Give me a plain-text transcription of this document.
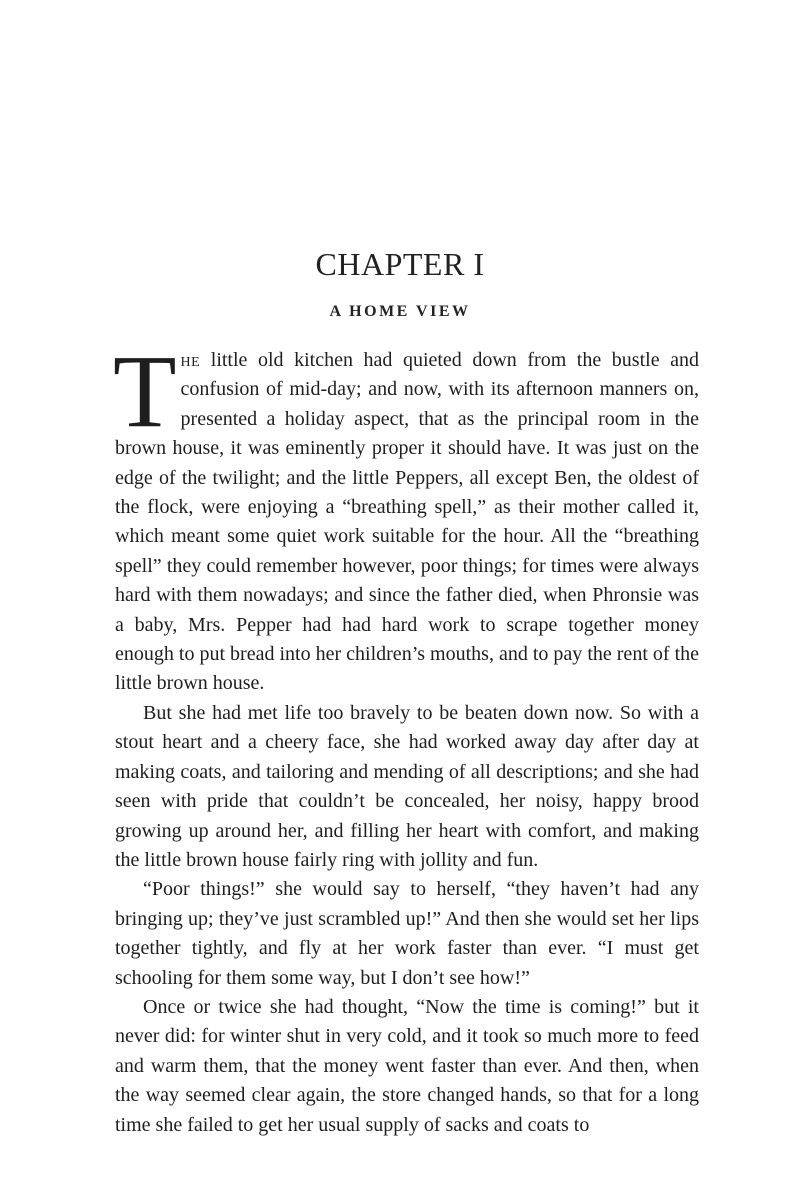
CHAPTER I
A HOME VIEW

The little old kitchen had quieted down from the bustle and confusion of mid-day; and now, with its afternoon manners on, presented a holiday aspect, that as the principal room in the brown house, it was eminently proper it should have. It was just on the edge of the twilight; and the little Peppers, all except Ben, the oldest of the flock, were enjoying a “breathing spell,” as their mother called it, which meant some quiet work suitable for the hour. All the “breathing spell” they could remember however, poor things; for times were always hard with them nowadays; and since the father died, when Phronsie was a baby, Mrs. Pepper had had hard work to scrape together money enough to put bread into her children’s mouths, and to pay the rent of the little brown house.

But she had met life too bravely to be beaten down now. So with a stout heart and a cheery face, she had worked away day after day at making coats, and tailoring and mending of all descriptions; and she had seen with pride that couldn’t be concealed, her noisy, happy brood growing up around her, and filling her heart with comfort, and making the little brown house fairly ring with jollity and fun.

“Poor things!” she would say to herself, “they haven’t had any bringing up; they’ve just scrambled up!” And then she would set her lips together tightly, and fly at her work faster than ever. “I must get schooling for them some way, but I don’t see how!”

Once or twice she had thought, “Now the time is coming!” but it never did: for winter shut in very cold, and it took so much more to feed and warm them, that the money went faster than ever. And then, when the way seemed clear again, the store changed hands, so that for a long time she failed to get her usual supply of sacks and coats to
